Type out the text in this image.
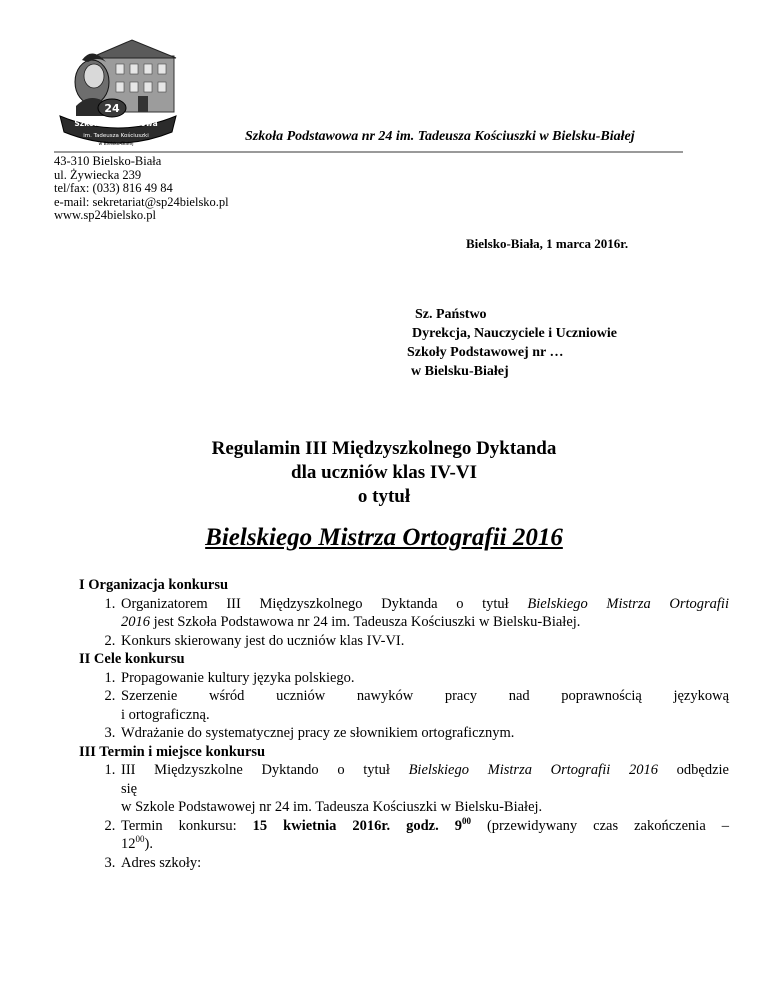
24
Szkoła Podstawowa
im. Tadeusza Kościuszki
w Bielsku-Białej
Szkoła Podstawowa nr 24 im. Tadeusza Kościuszki w Bielsku-Białej
43-310 Bielsko-Biała
ul. Żywiecka 239
tel/fax: (033) 816 49 84
e-mail: sekretariat@sp24bielsko.pl
www.sp24bielsko.pl
Bielsko-Biała, 1 marca 2016r.
Sz. Państwo
Dyrekcja, Nauczyciele i Uczniowie
Szkoły Podstawowej nr …
w Bielsku-Białej
Regulamin III Międzyszkolnego Dyktanda
dla uczniów klas IV-VI
o tytuł
Bielskiego Mistrza Ortografii 2016
I Organizacja konkursu
1. Organizatorem III Międzyszkolnego Dyktanda o tytuł Bielskiego Mistrza Ortografii
2016 jest Szkoła Podstawowa nr 24 im. Tadeusza Kościuszki w Bielsku-Białej.
2. Konkurs skierowany jest do uczniów klas IV-VI.
II Cele konkursu
1. Propagowanie kultury języka polskiego.
2. Szerzenie wśród uczniów nawyków pracy nad poprawnością językową
i ortograficzną.
3. Wdrażanie do systematycznej pracy ze słownikiem ortograficznym.
III Termin i miejsce konkursu
1. III Międzyszkolne Dyktando o tytuł Bielskiego Mistrza Ortografii 2016 odbędzie
się
w Szkole Podstawowej nr 24 im. Tadeusza Kościuszki w Bielsku-Białej.
2. Termin konkursu: 15 kwietnia 2016r. godz. $9^{00}$ (przewidywany czas zakończenia –
$12^{00}$).
3. Adres szkoły:
